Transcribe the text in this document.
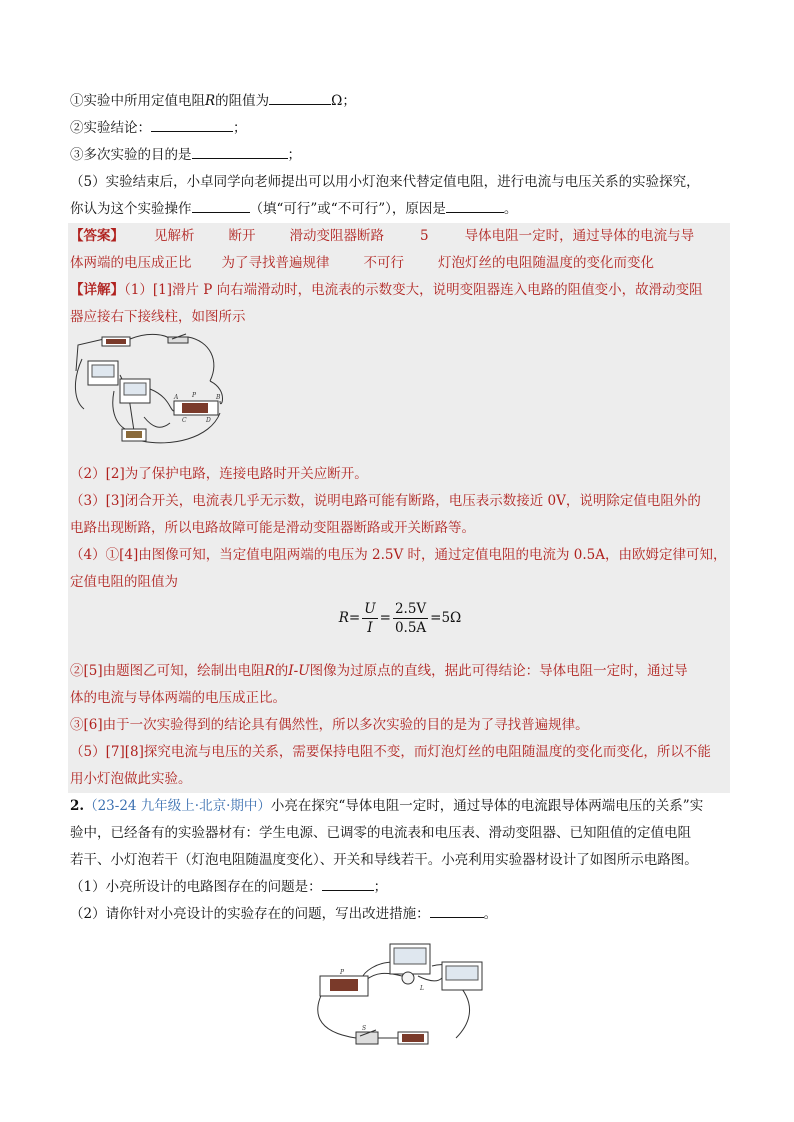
①实验中所用定值电阻R的阻值为	Ω；
②实验结论：	；
③多次实验的目的是	；
（5）实验结束后，小卓同学向老师提出可以用小灯泡来代替定值电阻，进行电流与电压关系的实验探究，
你认为这个实验操作	（填“可行”或“不可行”），原因是	。
【答案】 见解析	断开	滑动变阻器断路	5	导体电阻一定时，通过导体的电流与导
体两端的电压成正比 为了寻找普遍规律	不可行	灯泡灯丝的电阻随温度的变化而变化
【详解】（1）[1]滑片 P 向右端滑动时，电流表的示数变大，说明变阻器连入电路的阻值变小，故滑动变阻
器应接右下接线柱，如图所示
A	B
C	D
P
（2）[2]为了保护电路，连接电路时开关应断开。
（3）[3]闭合开关，电流表几乎无示数，说明电路可能有断路，电压表示数接近 0V，说明除定值电阻外的
电路出现断路，所以电路故障可能是滑动变阻器断路或开关断路等。
（4）①[4]由图像可知，当定值电阻两端的电压为 2.5V 时，通过定值电阻的电流为 0.5A，由欧姆定律可知，
定值电阻的阻值为
$R= \frac{U}{I} = \frac{2.5V}{0.5A} =5\Omega$
②[5]由题图乙可知，绘制出电阻R的I-U图像为过原点的直线，据此可得结论：导体电阻一定时，通过导
体的电流与导体两端的电压成正比。
③[6]由于一次实验得到的结论具有偶然性，所以多次实验的目的是为了寻找普遍规律。
（5）[7][8]探究电流与电压的关系，需要保持电阻不变，而灯泡灯丝的电阻随温度的变化而变化，所以不能
用小灯泡做此实验。
2.（23-24 九年级上·北京·期中）小亮在探究“导体电阻一定时，通过导体的电流跟导体两端电压的关系”实
验中，已经备有的实验器材有：学生电源、已调零的电流表和电压表、滑动变阻器、已知阻值的定值电阻
若干、小灯泡若干（灯泡电阻随温度变化）、开关和导线若干。小亮利用实验器材设计了如图所示电路图。
（1）小亮所设计的电路图存在的问题是：	；
（2）请你针对小亮设计的实验存在的问题，写出改进措施：	。
P
S
L
